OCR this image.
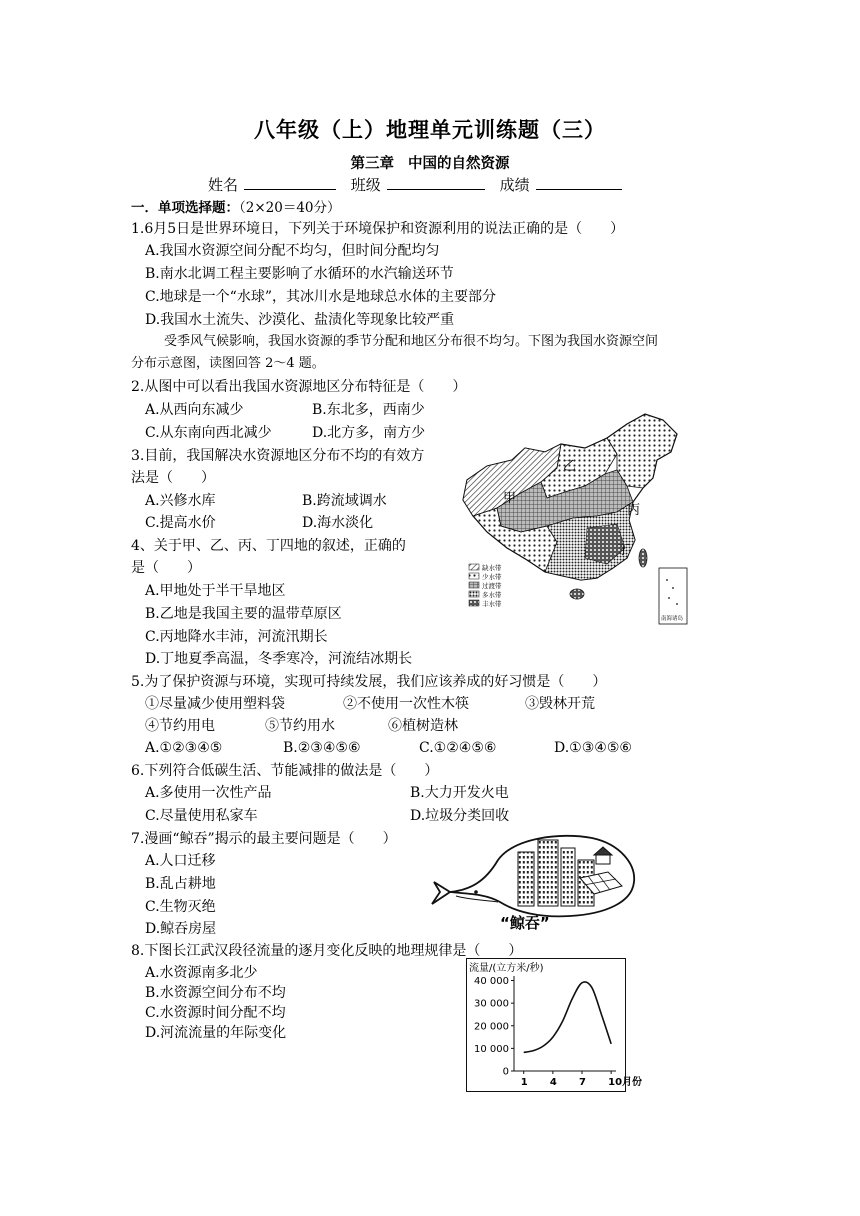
八年级（上）地理单元训练题（三）
第三章 中国的自然资源
姓名	班级	成绩
一．单项选择题：（2×20＝40分）
1.6月5日是世界环境日，下列关于环境保护和资源利用的说法正确的是（　　）
A.我国水资源空间分配不均匀，但时间分配均匀
B.南水北调工程主要影响了水循环的水汽输送环节
C.地球是一个“水球”，其冰川水是地球总水体的主要部分
D.我国水土流失、沙漠化、盐渍化等现象比较严重
受季风气候影响，我国水资源的季节分配和地区分布很不均匀。下图为我国水资源空间
分布示意图，读图回答 2～4 题。
2.从图中可以看出我国水资源地区分布特征是（　　）
A.从西向东减少	B.东北多，西南少
C.从东南向西北减少	D.北方多，南方少
3.目前，我国解决水资源地区分布不均的有效方
法是（　　）
A.兴修水库	B.跨流域调水
C.提高水价	D.海水淡化
4、关于甲、乙、丙、丁四地的叙述，正确的
是（　　）
A.甲地处于半干旱地区
B.乙地是我国主要的温带草原区
C.丙地降水丰沛，河流汛期长
D.丁地夏季高温，冬季寒冷，河流结冰期长
甲
乙
丙
丁
缺水带
少水带
过渡带
多水带
丰水带
南海诸岛
5.为了保护资源与环境，实现可持续发展，我们应该养成的好习惯是（　　）
①尽量减少使用塑料袋	②不使用一次性木筷	③毁林开荒
④节约用电	⑤节约用水	⑥植树造林
A.①②③④⑤	B.②③④⑤⑥	C.①②④⑤⑥	D.①③④⑤⑥
6.下列符合低碳生活、节能减排的做法是（　　）
A.多使用一次性产品	B.大力开发火电
C.尽量使用私家车	D.垃圾分类回收
7.漫画“鲸吞”揭示的最主要问题是（　　）
A.人口迁移
B.乱占耕地
C.生物灭绝
D.鲸吞房屋	“鲸吞”
8.下图长江武汉段径流量的逐月变化反映的地理规律是（　　）
A.水资源南多北少
B.水资源空间分布不均
C.水资源时间分配不均
D.河流流量的年际变化
流量/(立方米/秒)
0
10 000
20 000
30 000
40 000
1 4 7 10月份
